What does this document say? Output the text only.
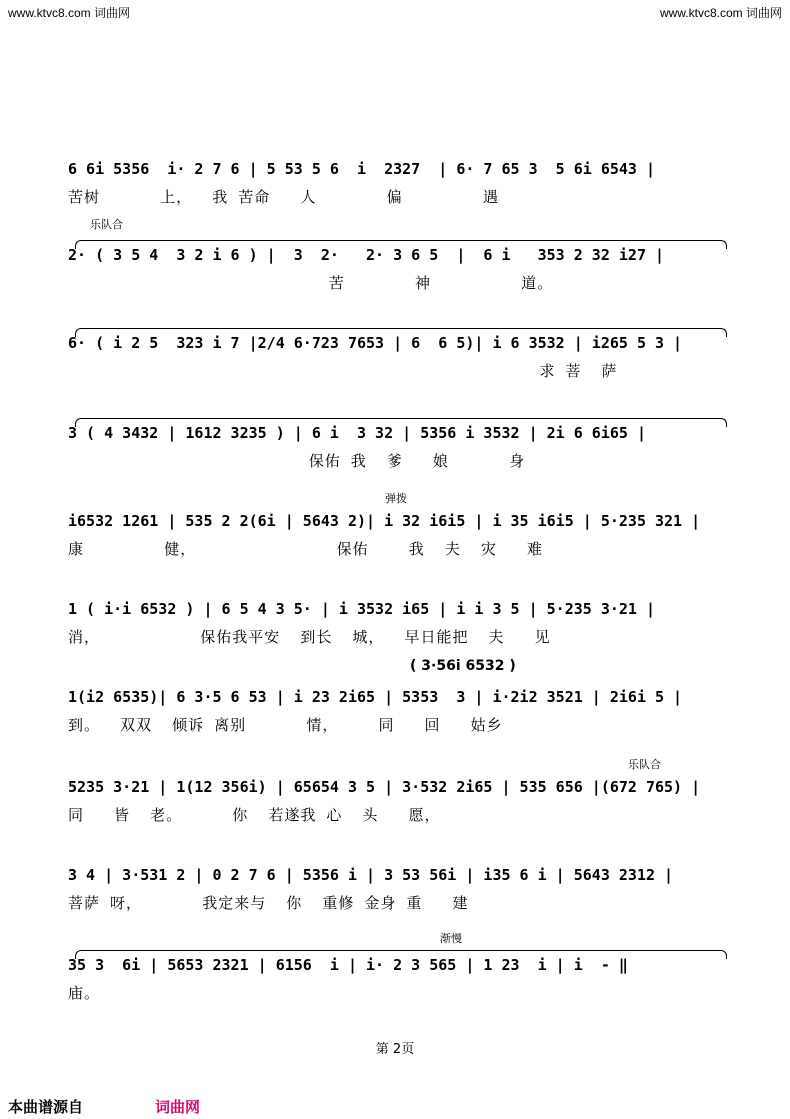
www.ktvc8.com 词曲网	www.ktvc8.com 词曲网
6 6i 5356  i· 2 7 6 | 5 53 5 6  i  2327  | 6· 7 65 3  5 6i 6543 |
苦树      上，  我 苦命   人       偏        遇
乐队合
2· ( 3 5 4  3 2 i 6 ) |  3  2·   2· 3 6 5  |  6 i   353 2 32 i27 |
苦       神         道。
6· ( i 2 5  323 i 7 |2/4 6·723 7653 | 6  6 5)| i 6 3532 | i265 5 3 |
求 菩  萨
3 ( 4 3432 | 1612 3235 ) | 6 i  3 32 | 5356 i 3532 | 2i 6 6i65 |
保佑 我  爹   娘      身
弹拨
i6532 1261 | 535 2 2(6i | 5643 2)| i 32 i6i5 | i 35 i6i5 | 5·235 321 |
康        健，              保佑    我  夫  灾   难
1 ( i·i 6532 ) | 6 5 4 3 5· | i 3532 i65 | i i 3 5 | 5·235 3·21 |
消，          保佑我平安  到长  城，  早日能把  夫   见
( 3·56i 6532 )
1(i2 6535)| 6 3·5 6 53 | i 23 2i65 | 5353  3 | i·2i2 3521 | 2i6i 5 |
到。  双双  倾诉 离别      情，    同   回   姑乡
乐队合
5235 3·21 | 1(12 356i) | 65654 3 5 | 3·532 2i65 | 535 656 |(672 765) |
同   皆  老。     你  若遂我 心  头   愿，
3 4 | 3·531 2 | 0 2 7 6 | 5356 i | 3 53 56i | i35 6 i | 5643 2312 |
菩萨 呀，      我定来与  你  重修 金身 重   建
渐慢
35 3  6i | 5653 2321 | 6156  i | i· 2 3 565 | 1 23  i | i  - ‖
庙。
第 2页
本曲谱源自	词曲网
